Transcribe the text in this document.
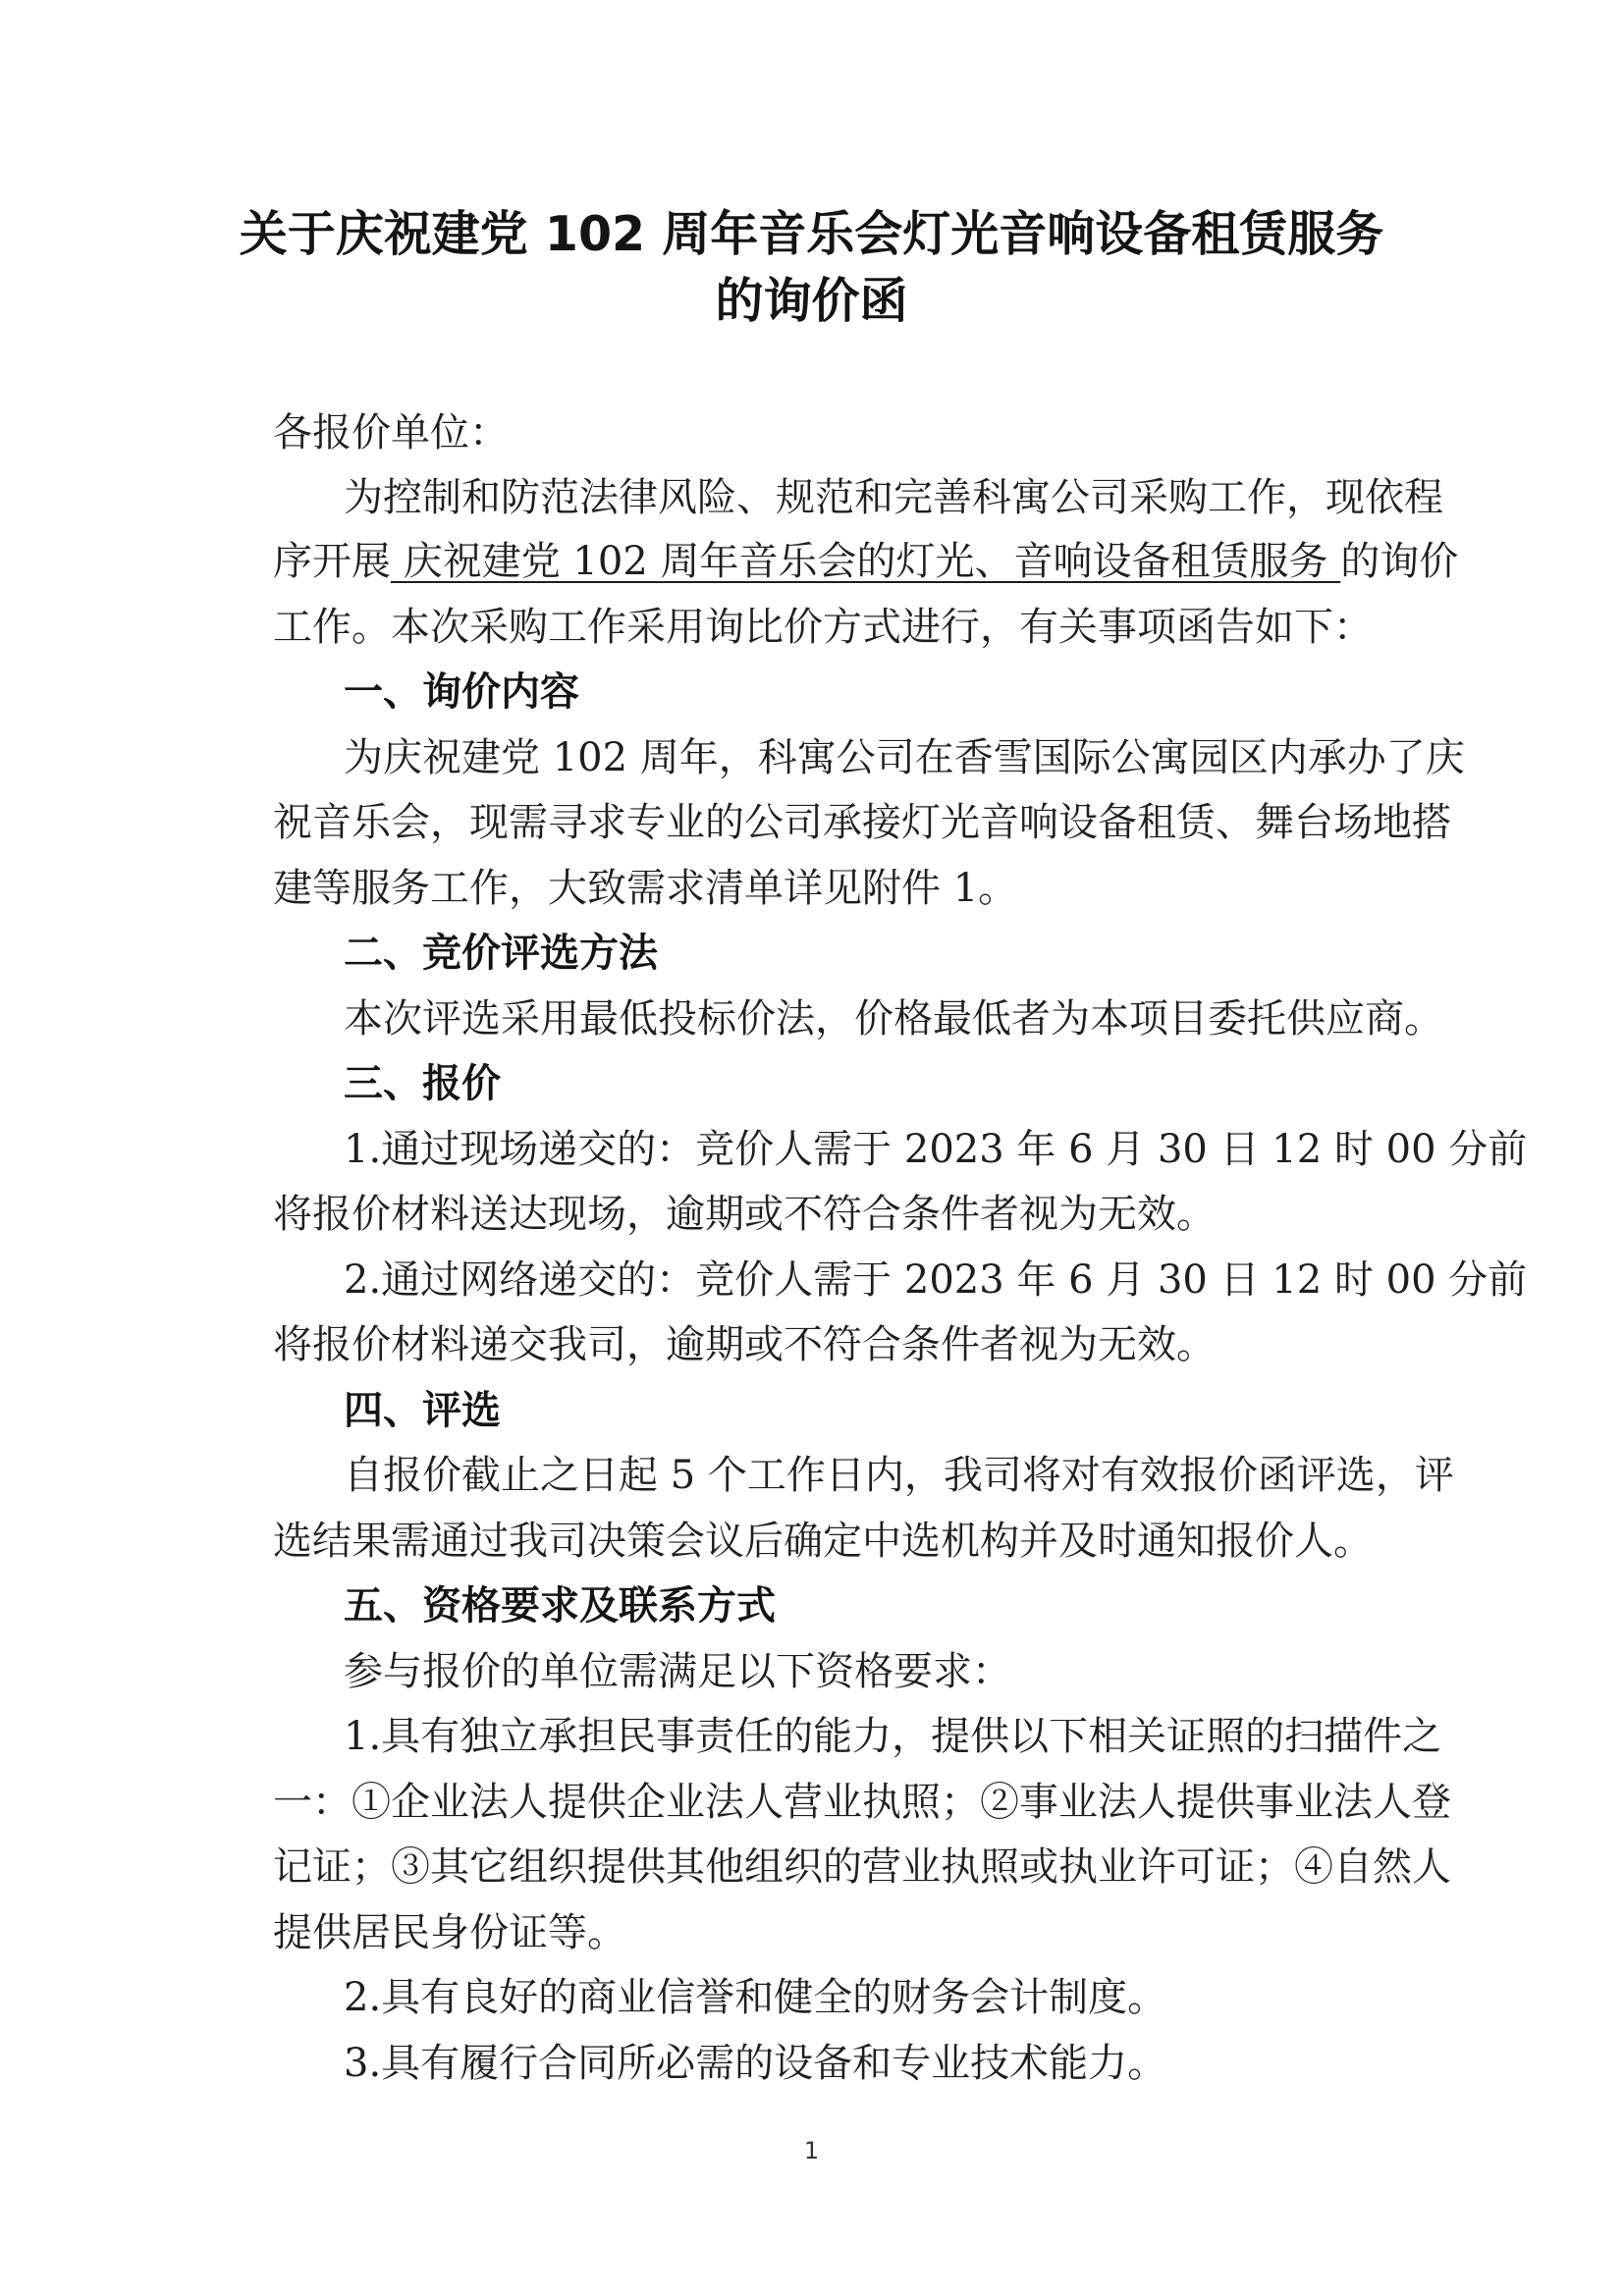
关于庆祝建党 102 周年音乐会灯光音响设备租赁服务
的询价函
各报价单位：
为控制和防范法律风险、规范和完善科寓公司采购工作，现依程
序开展 庆祝建党 102 周年音乐会的灯光、音响设备租赁服务 的询价
工作。本次采购工作采用询比价方式进行，有关事项函告如下：
一、询价内容
为庆祝建党 102 周年，科寓公司在香雪国际公寓园区内承办了庆
祝音乐会，现需寻求专业的公司承接灯光音响设备租赁、舞台场地搭
建等服务工作，大致需求清单详见附件 1。
二、竞价评选方法
本次评选采用最低投标价法，价格最低者为本项目委托供应商。
三、报价
1.通过现场递交的：竞价人需于 2023 年 6 月 30 日 12 时 00 分前
将报价材料送达现场，逾期或不符合条件者视为无效。
2.通过网络递交的：竞价人需于 2023 年 6 月 30 日 12 时 00 分前
将报价材料递交我司，逾期或不符合条件者视为无效。
四、评选
自报价截止之日起 5 个工作日内，我司将对有效报价函评选，评
选结果需通过我司决策会议后确定中选机构并及时通知报价人。
五、资格要求及联系方式
参与报价的单位需满足以下资格要求：
1.具有独立承担民事责任的能力，提供以下相关证照的扫描件之
一：①企业法人提供企业法人营业执照；②事业法人提供事业法人登
记证；③其它组织提供其他组织的营业执照或执业许可证；④自然人
提供居民身份证等。
2.具有良好的商业信誉和健全的财务会计制度。
3.具有履行合同所必需的设备和专业技术能力。
1
